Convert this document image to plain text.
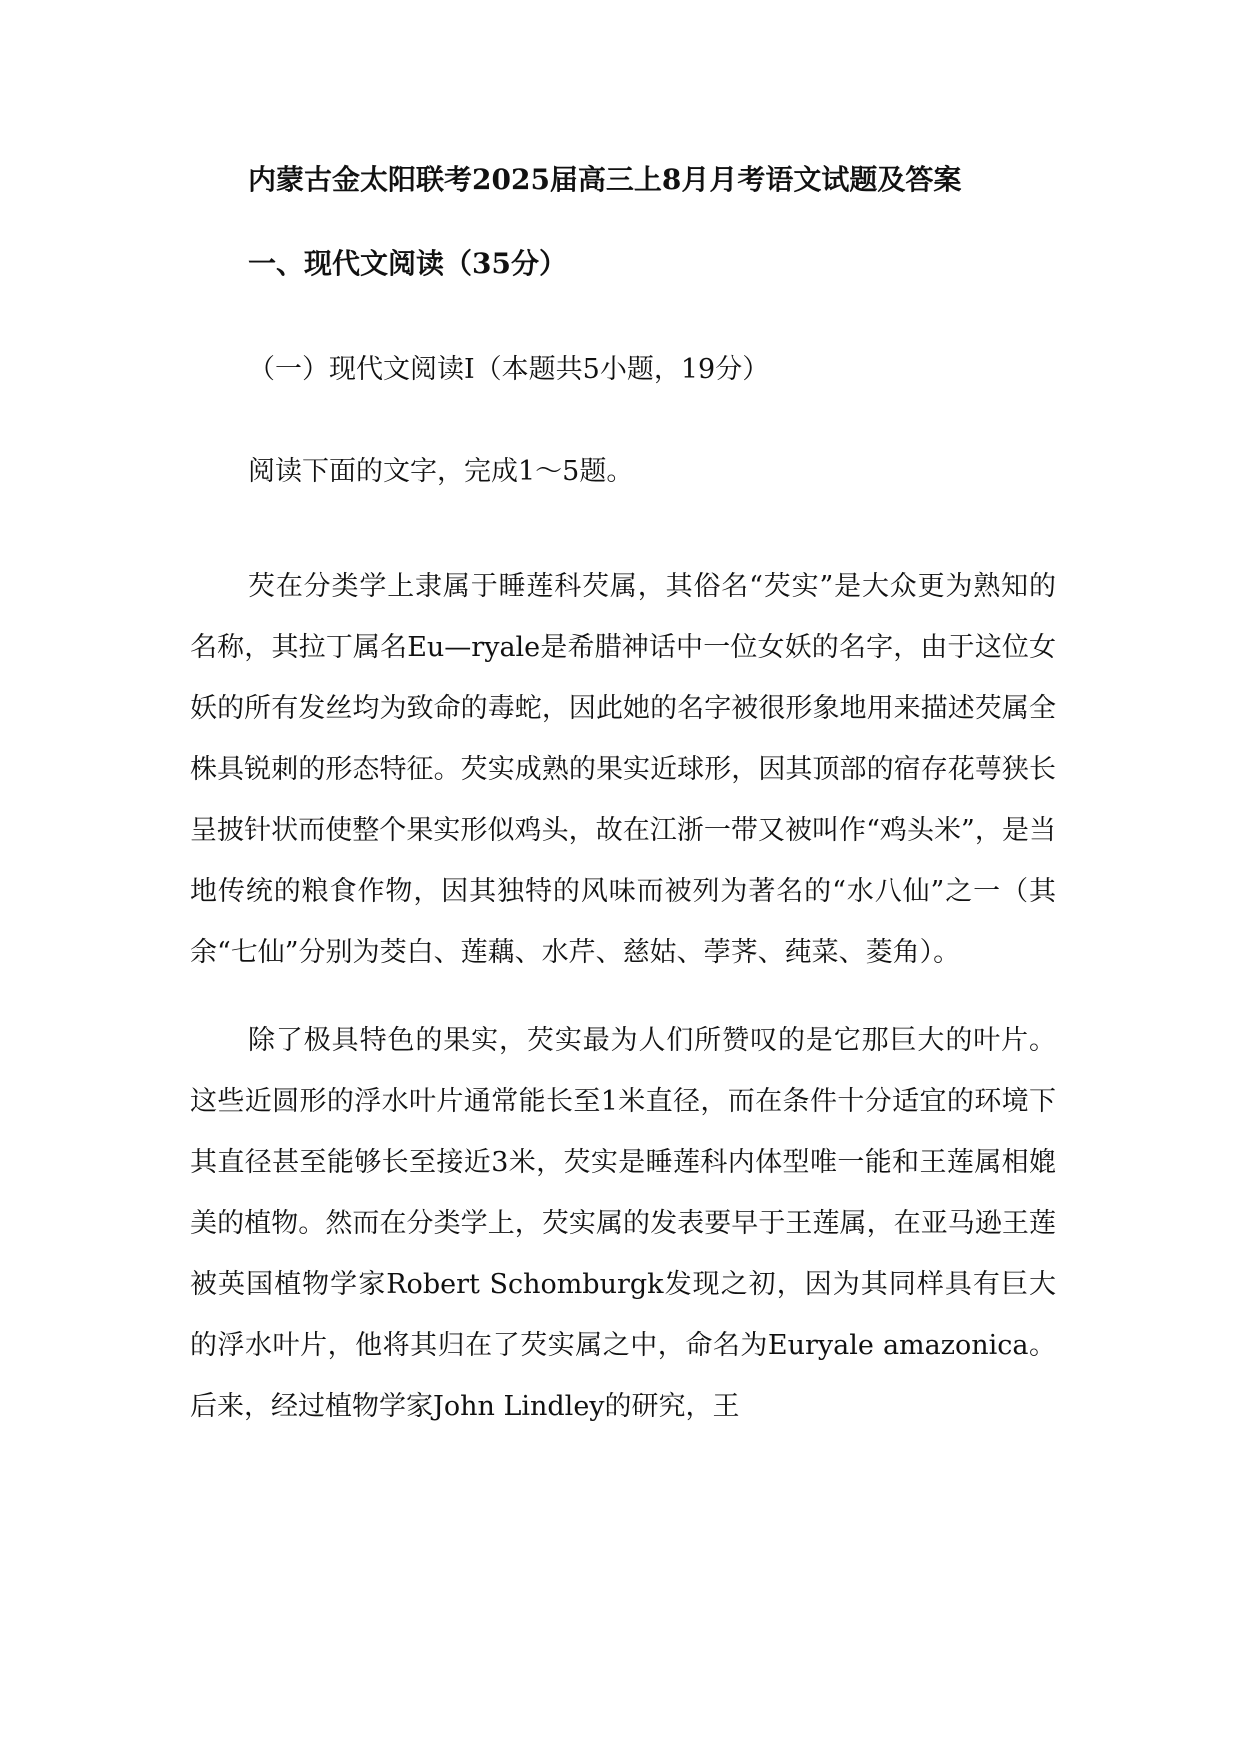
内蒙古金太阳联考2025届高三上8月月考语文试题及答案
一、现代文阅读（35分）
（一）现代文阅读Ⅰ（本题共5小题，19分）
阅读下面的文字，完成1～5题。

芡在分类学上隶属于睡莲科芡属，其俗名“芡实”是大众更为熟知的名称，其拉丁属名Eu—ryale是希腊神话中一位女妖的名字，由于这位女妖的所有发丝均为致命的毒蛇，因此她的名字被很形象地用来描述芡属全株具锐刺的形态特征。芡实成熟的果实近球形，因其顶部的宿存花萼狭长呈披针状而使整个果实形似鸡头，故在江浙一带又被叫作“鸡头米”，是当地传统的粮食作物，因其独特的风味而被列为著名的“水八仙”之一（其余“七仙”分别为茭白、莲藕、水芹、慈姑、荸荠、莼菜、菱角）。

除了极具特色的果实，芡实最为人们所赞叹的是它那巨大的叶片。这些近圆形的浮水叶片通常能长至1米直径，而在条件十分适宜的环境下其直径甚至能够长至接近3米，芡实是睡莲科内体型唯一能和王莲属相媲美的植物。然而在分类学上，芡实属的发表要早于王莲属，在亚马逊王莲被英国植物学家Robert Schomburgk发现之初，因为其同样具有巨大的浮水叶片，他将其归在了芡实属之中，命名为Euryale amazonica。后来，经过植物学家John Lindley的研究，王
